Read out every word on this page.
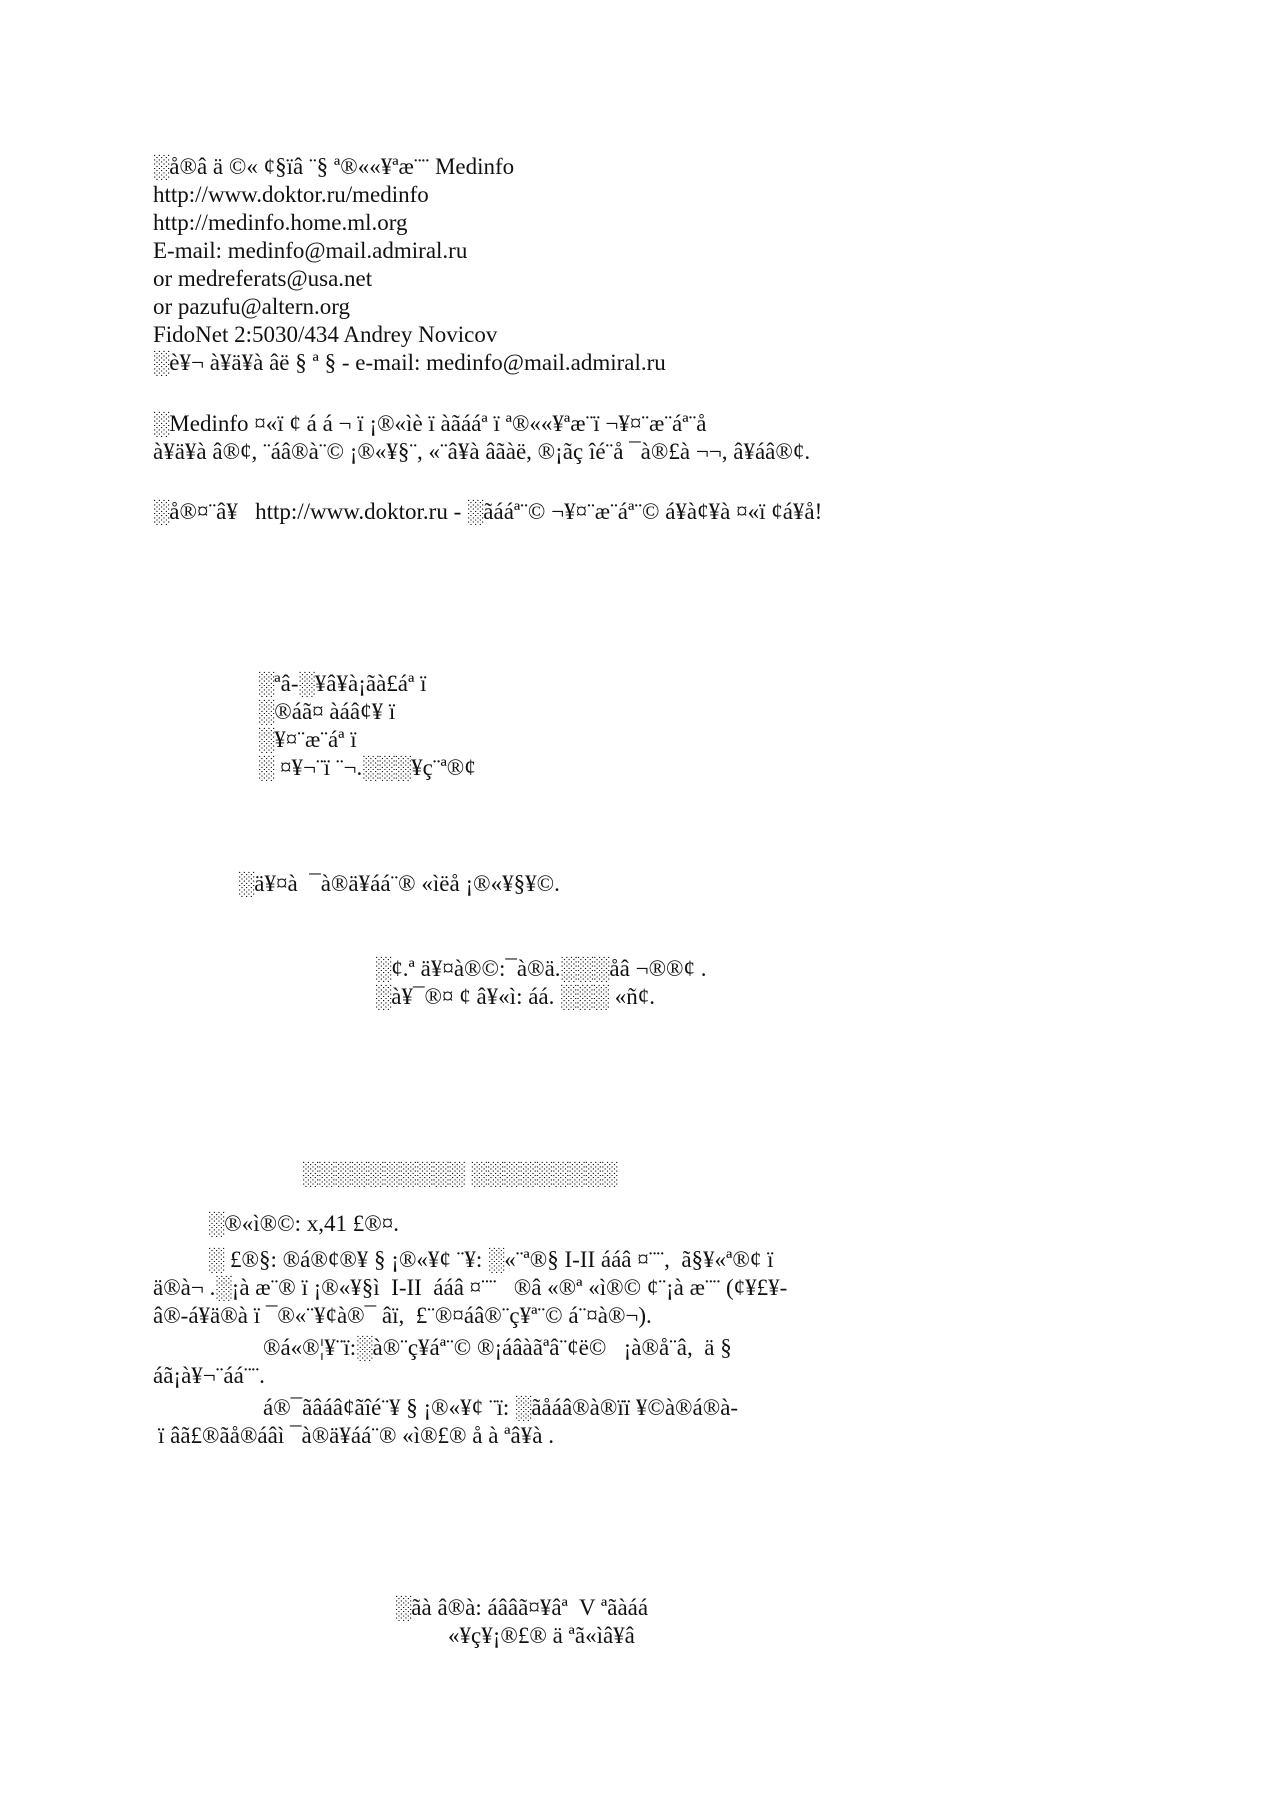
░å®â ä ©« ¢§ïâ ¨§ ª®««¥ªæ¨¨ Medinfo
http://www.doktor.ru/medinfo
http://medinfo.home.ml.org
E-mail: medinfo@mail.admiral.ru
or medreferats@usa.net
or pazufu@altern.org
FidoNet 2:5030/434 Andrey Novicov
░è¥¬ à¥ä¥à âë § ª § - e-mail: medinfo@mail.admiral.ru
░Medinfo ¤«ï ¢ á á ¬ ï ¡®«ìè ï àãááª ï ª®««¥ªæ¨ï ¬¥¤¨æ¨áª¨å
à¥ä¥à â®¢, ¨áâ®à¨© ¡®«¥§¨, «¨â¥à âãàë, ®¡ãç îé¨å ¯à®£à ¬¬, â¥áâ®¢.
░å®¤¨â¥   http://www.doktor.ru - ░ãááª¨© ¬¥¤¨æ¨áª¨© á¥à¢¥à ¤«ï ¢á¥å!
░ªâ-░¥â¥à¡ãà£áª ï
░®áã¤ àáâ¢¥ ï
░¥¤¨æ¨áª ï
░ ¤¥¬¨ï ¨¬.░░░¥ç¨ª®¢
░ä¥¤à  ¯à®ä¥áá¨® «ìëå ¡®«¥§¥©.
░¢.ª ä¥¤à®©:¯à®ä.░░░åâ ¬®®¢ .
░à¥¯®¤ ¢ â¥«ì: áá. ░░░ «ñ¢.
░░░░░░░░░░ ░░░░░░░░░
░®«ì®©: x,41 £®¤.
░ £®§: ®á®¢®¥ § ¡®«¥¢ ¨¥: ░«¨ª®§ I-II ááâ ¤¨¨,  ã§¥«ª®¢ ï
ä®à¬ .░¡à æ¨® ï ¡®«¥§ì  I-II  ááâ ¤¨¨   ®â «®ª «ì®© ¢¨¡à æ¨¨ (¢¥£¥-
â®-á¥ä®à ï ¯®«¨¥¢à®¯ âï,  £¨®¤áâ®¨ç¥ª¨© á¨¤à®¬).
®á«®¦¥¨ï:░à®¨ç¥áª¨© ®¡áâàãªâ¨¢ë©   ¡à®å¨â,  ä §
áã¡à¥¬¨áá¨¨.
á®¯ãâáâ¢ãîé¨¥ § ¡®«¥¢ ¨ï: ░ãåáâ®à®ïï ¥©à®á®à-
ï âã£®ãå®áâì ¯à®ä¥áá¨® «ì®£® å à ªâ¥à .
░ãà â®à: áââã¤¥âª  V ªãàáá
«¥ç¥¡®£® ä ªã«ìâ¥â
